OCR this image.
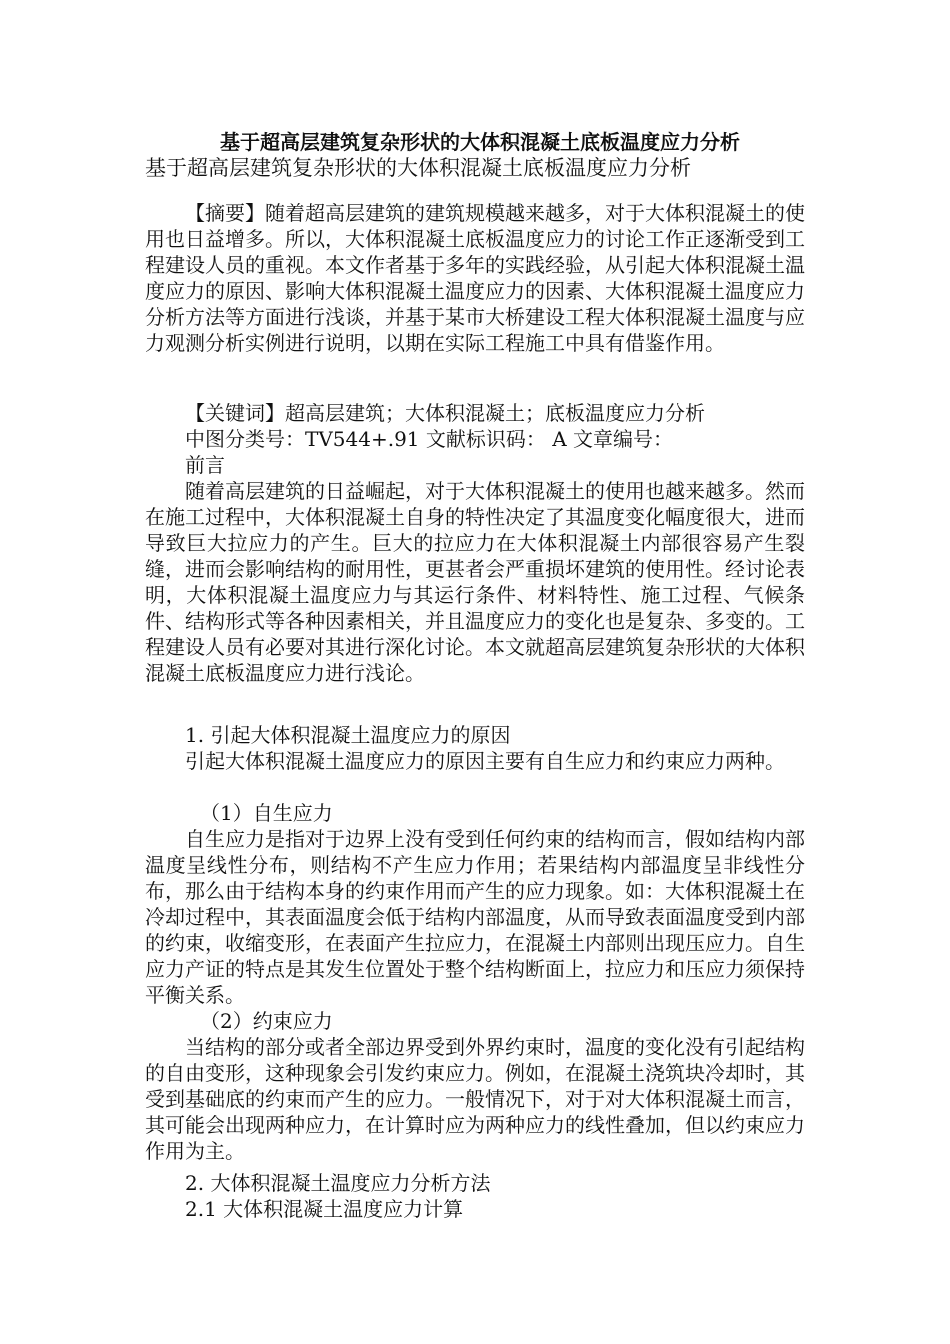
基于超高层建筑复杂形状的大体积混凝土底板温度应力分析
基于超高层建筑复杂形状的大体积混凝土底板温度应力分析

【摘要】随着超高层建筑的建筑规模越来越多，对于大体积混凝土的使用也日益增多。所以，大体积混凝土底板温度应力的讨论工作正逐渐受到工程建设人员的重视。本文作者基于多年的实践经验，从引起大体积混凝土温度应力的原因、影响大体积混凝土温度应力的因素、大体积混凝土温度应力分析方法等方面进行浅谈，并基于某市大桥建设工程大体积混凝土温度与应力观测分析实例进行说明，以期在实际工程施工中具有借鉴作用。

【关键词】超高层建筑；大体积混凝土；底板温度应力分析

中图分类号：TV544+.91 文献标识码： A 文章编号：

前言

随着高层建筑的日益崛起，对于大体积混凝土的使用也越来越多。然而在施工过程中，大体积混凝土自身的特性决定了其温度变化幅度很大，进而导致巨大拉应力的产生。巨大的拉应力在大体积混凝土内部很容易产生裂缝，进而会影响结构的耐用性，更甚者会严重损坏建筑的使用性。经讨论表明，大体积混凝土温度应力与其运行条件、材料特性、施工过程、气候条件、结构形式等各种因素相关，并且温度应力的变化也是复杂、多变的。工程建设人员有必要对其进行深化讨论。本文就超高层建筑复杂形状的大体积混凝土底板温度应力进行浅论。

1. 引起大体积混凝土温度应力的原因

引起大体积混凝土温度应力的原因主要有自生应力和约束应力两种。

（1）自生应力

自生应力是指对于边界上没有受到任何约束的结构而言，假如结构内部温度呈线性分布，则结构不产生应力作用；若果结构内部温度呈非线性分布，那么由于结构本身的约束作用而产生的应力现象。如：大体积混凝土在冷却过程中，其表面温度会低于结构内部温度，从而导致表面温度受到内部的约束，收缩变形，在表面产生拉应力，在混凝土内部则出现压应力。自生应力产证的特点是其发生位置处于整个结构断面上，拉应力和压应力须保持平衡关系。

（2）约束应力

当结构的部分或者全部边界受到外界约束时，温度的变化没有引起结构的自由变形，这种现象会引发约束应力。例如，在混凝土浇筑块冷却时，其受到基础底的约束而产生的应力。一般情况下，对于对大体积混凝土而言，其可能会出现两种应力，在计算时应为两种应力的线性叠加，但以约束应力作用为主。

2. 大体积混凝土温度应力分析方法

2.1 大体积混凝土温度应力计算
